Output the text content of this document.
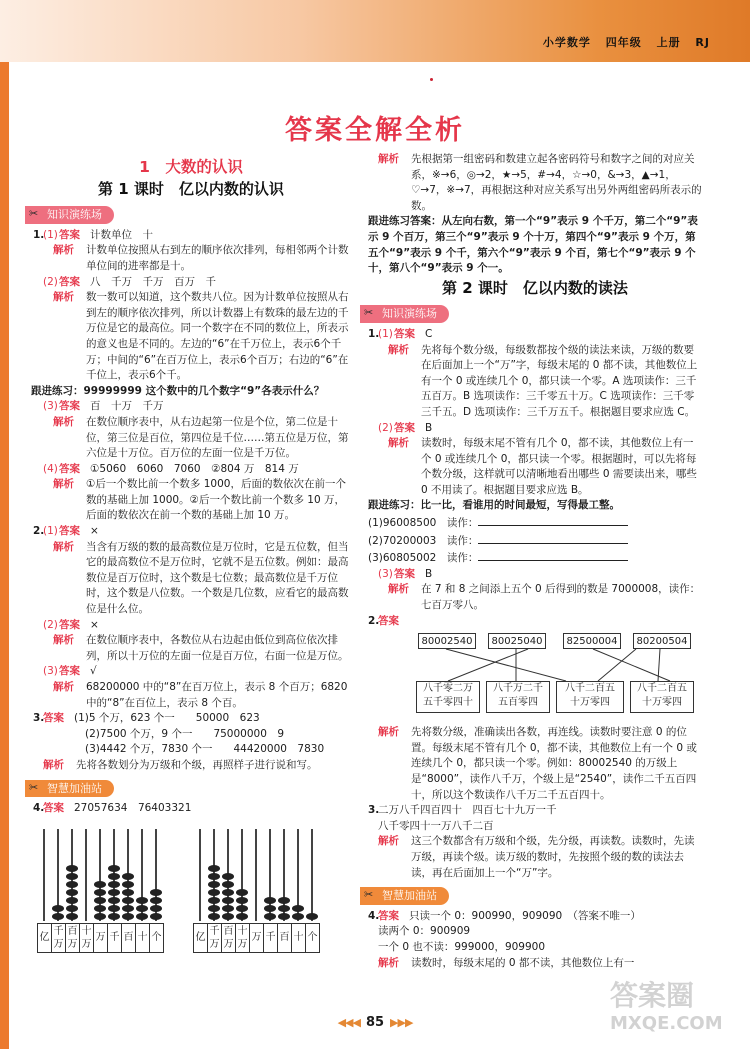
小学数学 四年级 上册 RJ
答案全解全析
1　大数的认识
第 1 课时　亿以内数的认识
✂ 知识演练场
1.
(1) 答案 计数单位　十
解析 计数单位按照从右到左的顺序依次排列，每相邻两个计数单位间的进率都是十。
(2) 答案 八　千万　千万　百万　千
解析 数一数可以知道，这个数共八位。因为计数单位按照从右到左的顺序依次排列，所以计数器上有数珠的最左边的千万位是它的最高位。同一个数字在不同的数位上，所表示的意义也是不同的。左边的“6”在千万位上，表示6个千万；中间的“6”在百万位上，表示6个百万；右边的“6”在千位上，表示6个千。
跟进练习：99999999 这个数中的几个数字“9”各表示什么？
(3) 答案 百　十万　千万
解析 在数位顺序表中，从右边起第一位是个位，第二位是十位，第三位是百位，第四位是千位……第五位是万位，第六位是十万位。百万位的左面一位是千万位。
(4) 答案 ①5060　6060　7060　②804 万　814 万
解析 ①后一个数比前一个数多 1000，后面的数依次在前一个数的基础上加 1000。②后一个数比前一个数多 10 万，后面的数依次在前一个数的基础上加 10 万。
2.
(1) 答案 ×
解析 当含有万级的数的最高数位是万位时，它是五位数，但当它的最高数位不是万位时，它就不是五位数。例如：最高数位是百万位时，这个数是七位数；最高数位是千万位时，这个数是八位数。一个数是几位数，应看它的最高数位是什么位。
(2) 答案 ×
解析 在数位顺序表中，各数位从右边起由低位到高位依次排列，所以十万位的左面一位是百万位，右面一位是万位。
(3) 答案 √
解析 68200000 中的“8”在百万位上，表示 8 个百万；6820 中的“8”在百位上，表示 8 个百。
3.
答案 (1)5 个万，623 个一　　50000　623
(2)7500 个万，9 个一　　75000000　9
(3)4442 个万，7830 个一　　44420000　7830
解析 先将各数划分为万级和个级，再照样子进行说和写。
✂ 智慧加油站
4.
答案 27057634　76403321
亿
千万
百万
十万
万 千 百 十 个	亿
千万
百万
十万
万 千 百 十 个
解析 先根据第一组密码和数建立起各密码符号和数字之间的对应关系，※→6，◎→2，★→5，#→4，☆→0，&→3，▲→1，♡→7，※→7，再根据这种对应关系写出另外两组密码所表示的数。
跟进练习答案：从左向右数，第一个“9”表示 9 个千万，第二个“9”表示 9 个百万，第三个“9”表示 9 个十万，第四个“9”表示 9 个万，第五个“9”表示 9 个千，第六个“9”表示 9 个百，第七个“9”表示 9 个十，第八个“9”表示 9 个一。
第 2 课时　亿以内数的读法
✂ 知识演练场
1.
(1) 答案 C
解析 先将每个数分级，每级数都按个级的读法来读，万级的数要在后面加上一个“万”字，每级末尾的 0 都不读，其他数位上有一个 0 或连续几个 0，都只读一个零。A 选项读作：三千五百万。B 选项读作：三千零五十万。C 选项读作：三千零三千五。D 选项读作：三千万五千。根据题目要求应选 C。
(2) 答案 B
解析 读数时，每级末尾不管有几个 0，都不读，其他数位上有一个 0 或连续几个 0，都只读一个零。根据题时，可以先将每个数分级，这样就可以清晰地看出哪些 0 需要读出来，哪些 0 不用读了。根据题目要求应选 B。
跟进练习：比一比，看谁用的时间最短，写得最工整。
(1)96008500　读作：
(2)70200003　读作：
(3)60805002　读作：
(3) 答案 B
解析 在 7 和 8 之间添上五个 0 后得到的数是 7000008，读作：七百万零八。
2.
答案
80002540	80025040	82500004	80200504
八千零二万
五千零四十
八千万二千
五百零四
八千二百五
十万零四
八千二百五
十万零四
解析 先将数分级，准确读出各数，再连线。读数时要注意 0 的位置。每级末尾不管有几个 0，都不读，其他数位上有一个 0 或连续几个 0，都只读一个零。例如：80002540 的万级上是“8000”，读作八千万，个级上是“2540”，读作二千五百四十，所以这个数读作八千万二千五百四十。
3.
二万八千四百四十　四百七十九万一千
八千零四十一万八千二百
解析 这三个数都含有万级和个级，先分级，再读数。读数时，先读万级，再读个级。读万级的数时，先按照个级的数的读法去读，再在后面加上一个“万”字。
✂ 智慧加油站
4.
答案 只读一个 0：900990，909090　（答案不唯一）
读两个 0：900909
一个 0 也不读：999000，909900
解析 读数时，每级末尾的 0 都不读，其他数位上有一
◀◀◀ 85 ▶▶▶
答案圈
MXQE.COM
